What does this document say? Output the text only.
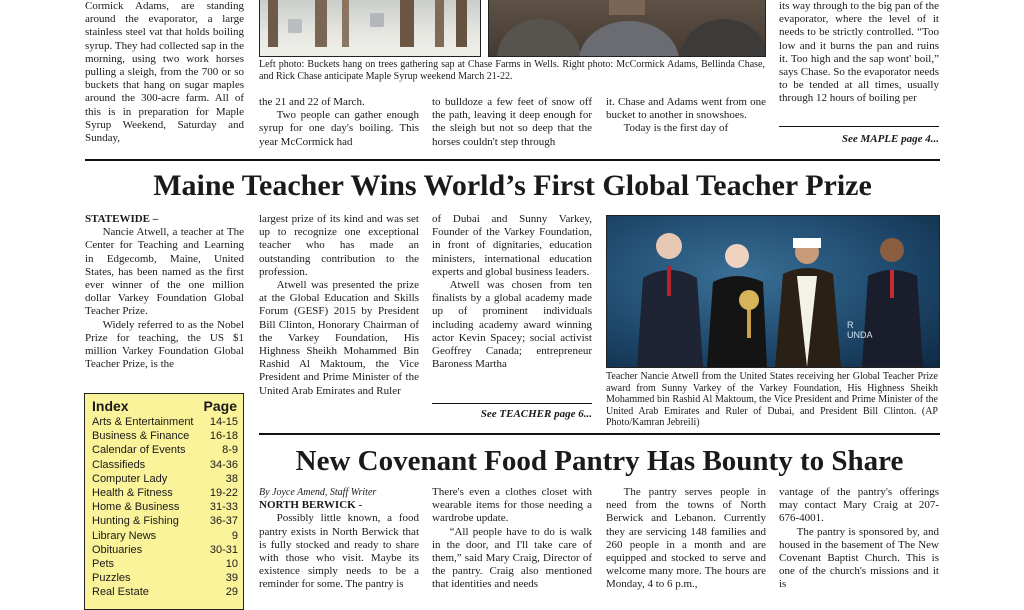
Cormick Adams, are standing around the evaporator, a large stainless steel vat that holds boiling syrup. They had collected sap in the morning, using two work horses pulling a sleigh, from the 700 or so buckets that hang on sugar maples around the 300-acre farm. All of this is in preparation for Maple Syrup Weekend, Saturday and Sunday,

Left photo: Buckets hang on trees gathering sap at Chase Farms in Wells. Right photo: McCormick Adams, Bellinda Chase, and Rick Chase anticipate Maple Syrup weekend March 21-22.

the 21 and 22 of March.

Two people can gather enough syrup for one day's boiling. This year McCormick had

to bulldoze a few feet of snow off the path, leaving it deep enough for the sleigh but not so deep that the horses couldn't step through

it. Chase and Adams went from one bucket to another in snowshoes.

Today is the first day of

its way through to the big pan of the evaporator, where the level of it needs to be strictly controlled. “Too low and it burns the pan and ruins it. Too high and the sap wont' boil,” says Chase. So the evaporator needs to be tended at all times, usually through 12 hours of boiling per

See MAPLE page 4...
Maine Teacher Wins World’s First Global Teacher Prize

STATEWIDE –

Nancie Atwell, a teacher at The Center for Teaching and Learning in Edgecomb, Maine, United States, has been named as the first ever winner of the one million dollar Varkey Foundation Global Teacher Prize.

Widely referred to as the Nobel Prize for teaching, the US $1 million Varkey Foundation Global Teacher Prize, is the

largest prize of its kind and was set up to recognize one exceptional teacher who has made an outstanding contribution to the profession.

Atwell was presented the prize at the Global Education and Skills Forum (GESF) 2015 by President Bill Clinton, Honorary Chairman of the Varkey Foundation, His Highness Sheikh Mohammed Bin Rashid Al Maktoum, the Vice President and Prime Minister of the United Arab Emirates and Ruler

of Dubai and Sunny Varkey, Founder of the Varkey Foundation, in front of dignitaries, education ministers, international education experts and global business leaders.

Atwell was chosen from ten finalists by a global academy made up of prominent individuals including academy award winning actor Kevin Spacey; social activist Geoffrey Canada; entrepreneur Baroness Martha

See TEACHER page 6...
R
UNDA
Teacher Nancie Atwell from the United States receiving her Global Teacher Prize award from Sunny Varkey of the Varkey Foundation, His Highness Sheikh Mohammed bin Rashid Al Maktoum, the Vice President and Prime Minister of the United Arab Emirates and Ruler of Dubai, and President Bill Clinton. (AP Photo/Kamran Jebreili)
Index	Page
Arts & Entertainment 14-15
Business & Finance 16-18
Calendar of Events	8-9
Classifieds	34-36
Computer Lady	38
Health & Fitness	19-22
Home & Business	31-33
Hunting & Fishing	36-37
Library News	9
Obituaries	30-31
Pets	10
Puzzles	39
Real Estate	29
New Covenant Food Pantry Has Bounty to Share

By Joyce Amend, Staff Writer

NORTH BERWICK -

Possibly little known, a food pantry exists in North Berwick that is fully stocked and ready to share with those who visit. Maybe its existence simply needs to be a reminder for some. The pantry is

There's even a clothes closet with wearable items for those needing a wardrobe update.

“All people have to do is walk in the door, and I'll take care of them,” said Mary Craig, Director of the pantry. Craig also mentioned that identities and needs

The pantry serves people in need from the towns of North Berwick and Lebanon. Currently they are servicing 148 families and 260 people in a month and are equipped and stocked to serve and welcome many more. The hours are Monday, 4 to 6 p.m.,

vantage of the pantry's offerings may contact Mary Craig at 207-676-4001.

The pantry is sponsored by, and housed in the basement of The New Covenant Baptist Church. This is one of the church's missions and it is
